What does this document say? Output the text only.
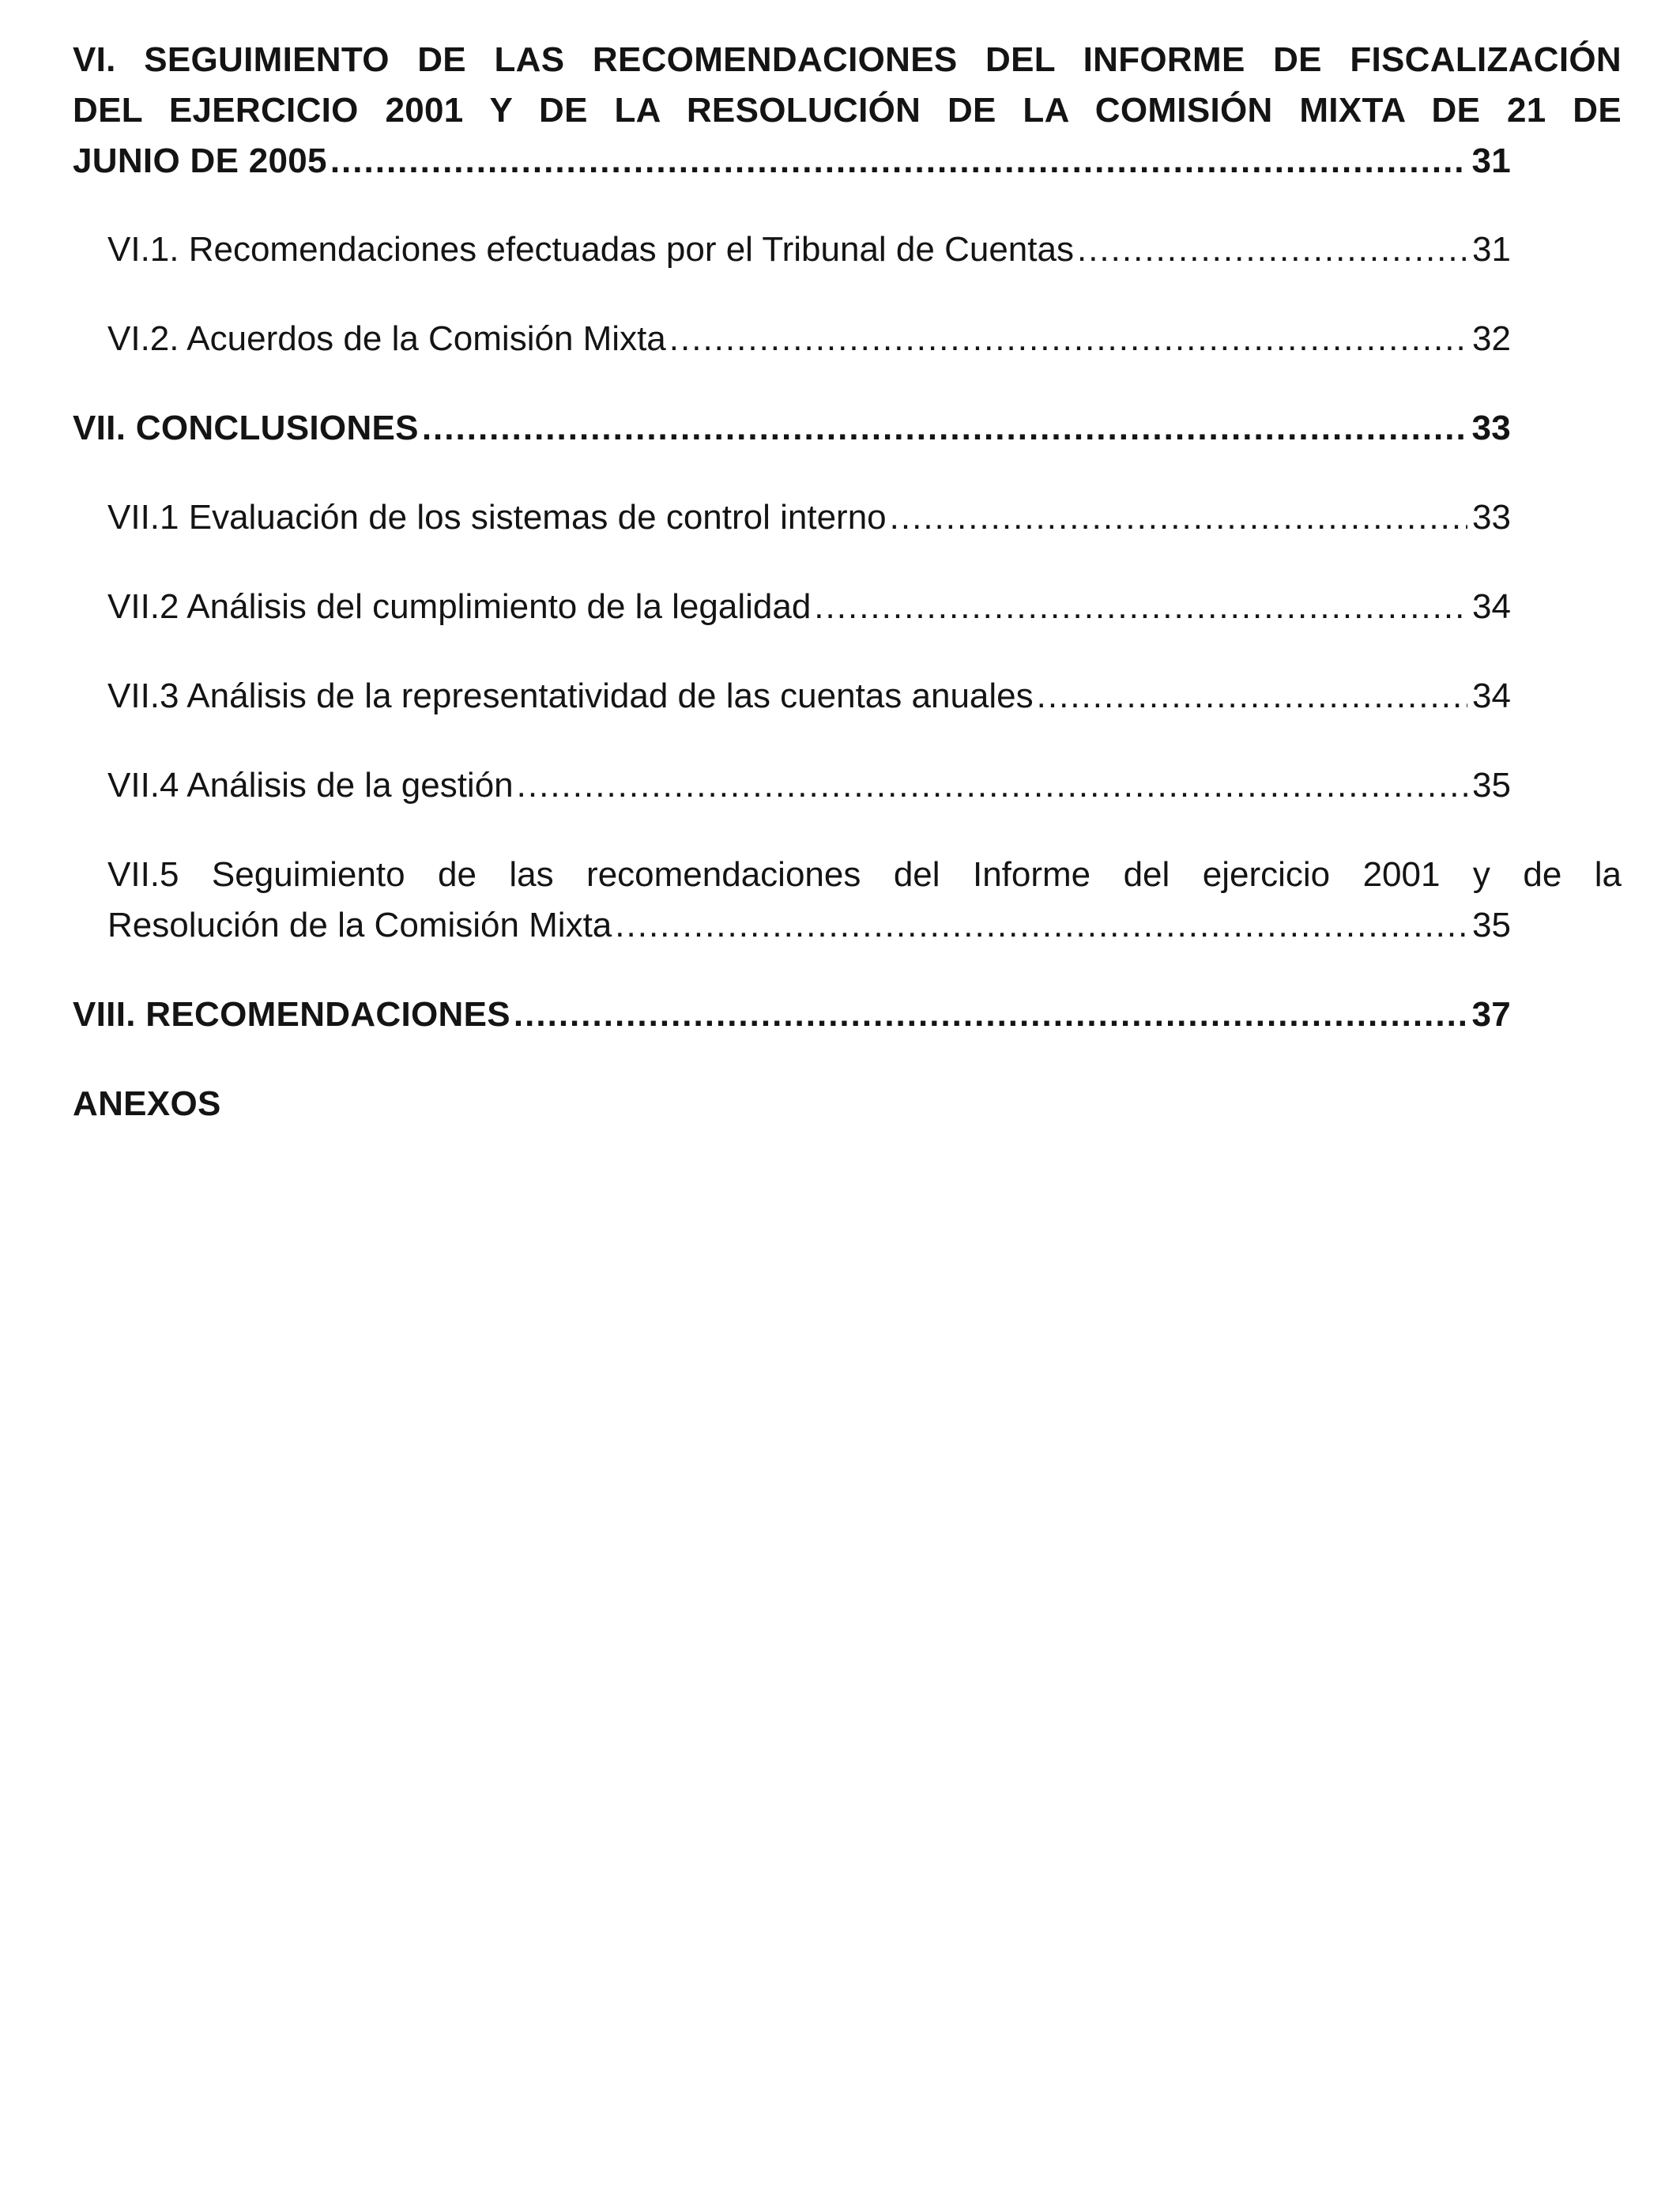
VI. SEGUIMIENTO DE LAS RECOMENDACIONES DEL INFORME DE FISCALIZACIÓN
DEL EJERCICIO 2001 Y DE LA RESOLUCIÓN DE LA COMISIÓN MIXTA DE 21 DE
JUNIO DE 2005 .....	31
VI.1. Recomendaciones efectuadas por el Tribunal de Cuentas .....	31
VI.2. Acuerdos de la Comisión Mixta .....	32
VII. CONCLUSIONES .....	33
VII.1 Evaluación de los sistemas de control interno .....	33
VII.2 Análisis del cumplimiento de la legalidad .....	34
VII.3 Análisis de la representatividad de las cuentas anuales .....	34
VII.4 Análisis de la gestión .....	35
VII.5 Seguimiento de las recomendaciones del Informe del ejercicio 2001 y de la
Resolución de la Comisión Mixta .....	35
VIII. RECOMENDACIONES .....	37
ANEXOS
